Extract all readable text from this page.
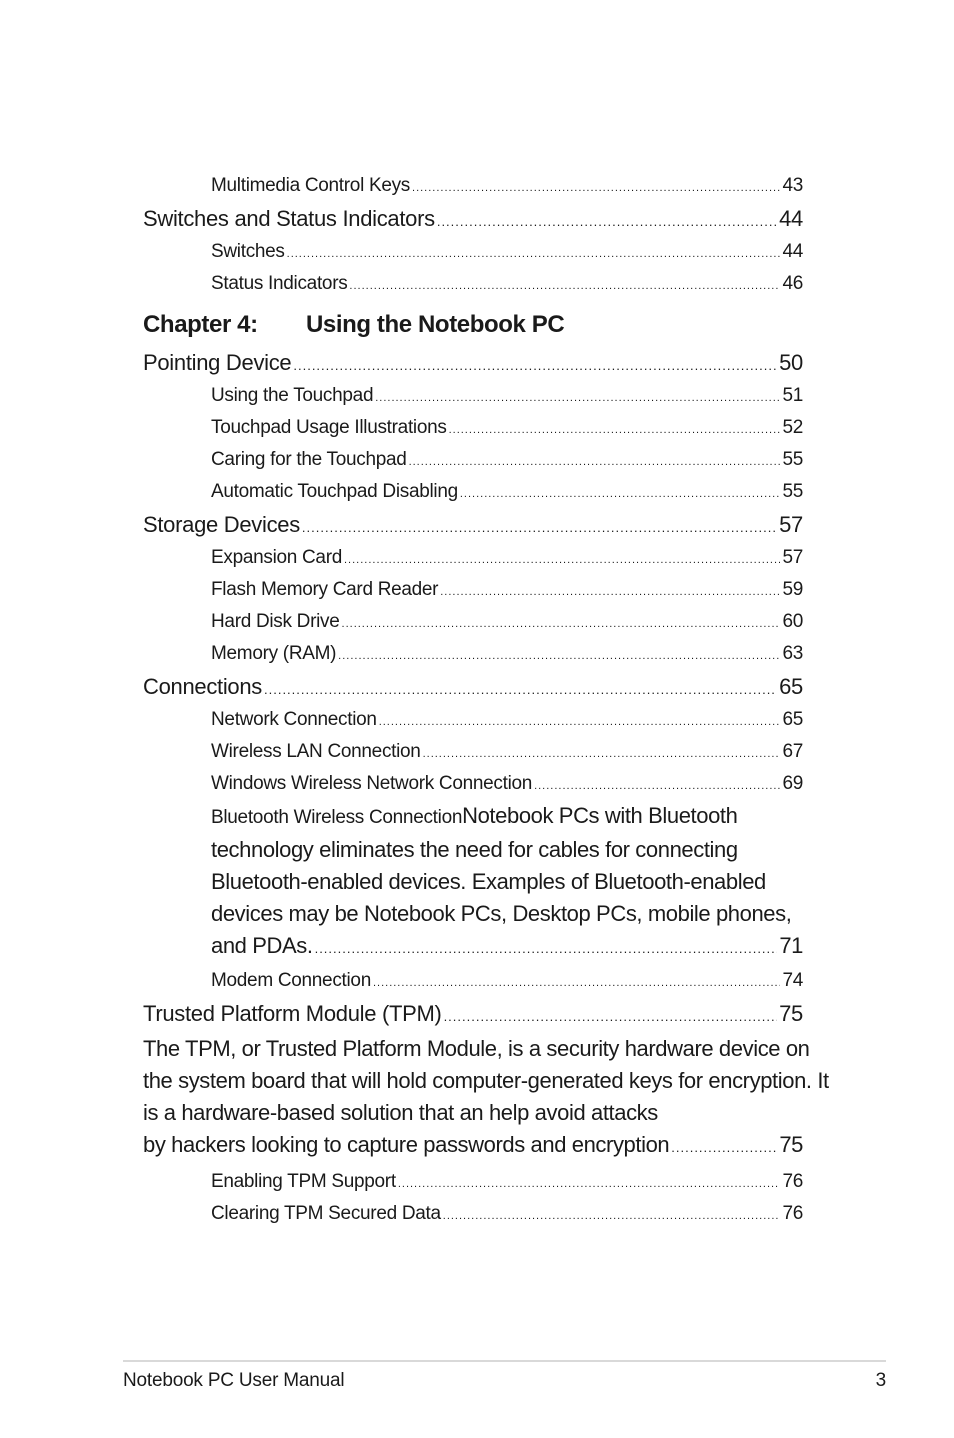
Multimedia Control Keys .....	43
Switches and Status Indicators .....	44
Switches .....	44
Status Indicators .....	46
Chapter 4:	Using the Notebook PC
Pointing Device .....	50
Using the Touchpad .....	51
Touchpad Usage Illustrations .....	52
Caring for the Touchpad .....	55
Automatic Touchpad Disabling .....	55
Storage Devices .....	57
Expansion Card .....	57
Flash Memory Card Reader .....	59
Hard Disk Drive .....	60
Memory (RAM) .....	63
Connections .....	65
Network Connection .....	65
Wireless LAN Connection .....	67
Windows Wireless Network Connection .....	69
Bluetooth Wireless ConnectionNotebook PCs with Bluetooth technology eliminates the need for cables for connecting Bluetooth-enabled devices. Examples of Bluetooth-enabled devices may be Notebook PCs, Desktop PCs, mobile phones,
and PDAs. .....	71
Modem Connection .....	74
Trusted Platform Module (TPM) .....	75
The TPM, or Trusted Platform Module, is a security hardware device on the system board that will hold computer-generated keys for encryption. It is a hardware-based solution that an help avoid attacks
by hackers looking to capture passwords and encryption .....	75
Enabling TPM Support .....	76
Clearing TPM Secured Data .....	76
Notebook PC User Manual	3
